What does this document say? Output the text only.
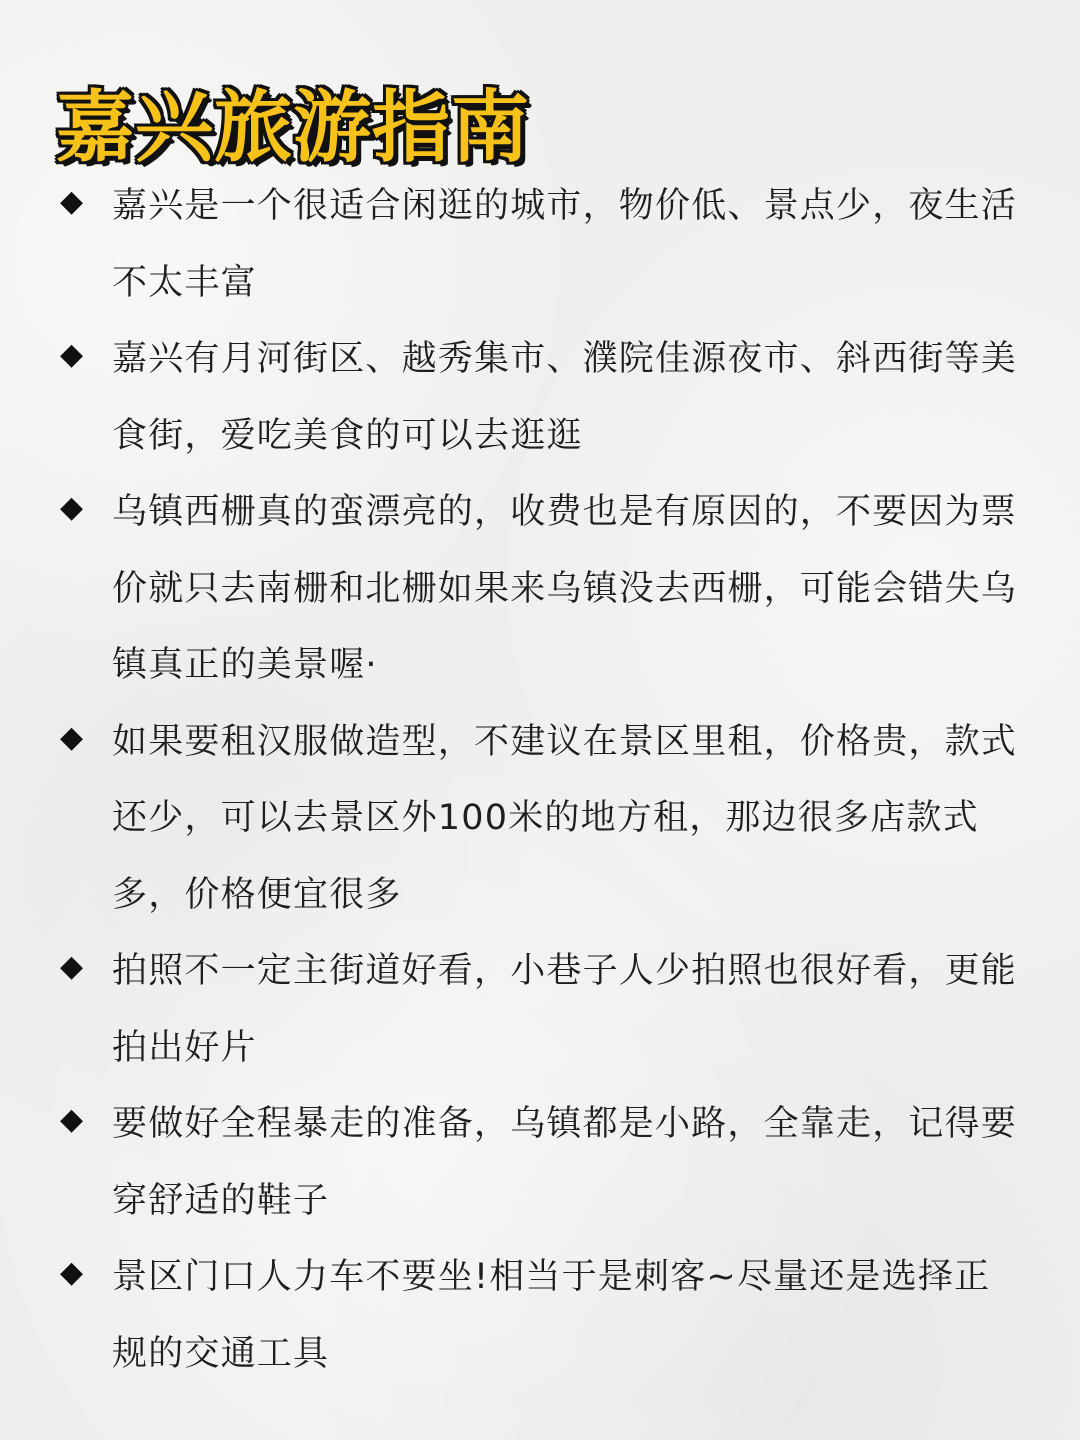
嘉兴旅游指南
◆ 嘉兴是一个很适合闲逛的城市，物价低、景点少，夜生活不太丰富
◆ 嘉兴有月河街区、越秀集市、濮院佳源夜市、斜西街等美食街，爱吃美食的可以去逛逛
◆ 乌镇西栅真的蛮漂亮的，收费也是有原因的，不要因为票价就只去南栅和北栅如果来乌镇没去西栅，可能会错失乌镇真正的美景喔·
◆ 如果要租汉服做造型，不建议在景区里租，价格贵，款式还少，可以去景区外100米的地方租，那边很多店款式多，价格便宜很多
◆ 拍照不一定主街道好看，小巷子人少拍照也很好看，更能拍出好片
◆ 要做好全程暴走的准备，乌镇都是小路，全靠走，记得要穿舒适的鞋子
◆ 景区门口人力车不要坐!相当于是刺客~尽量还是选择正规的交通工具
